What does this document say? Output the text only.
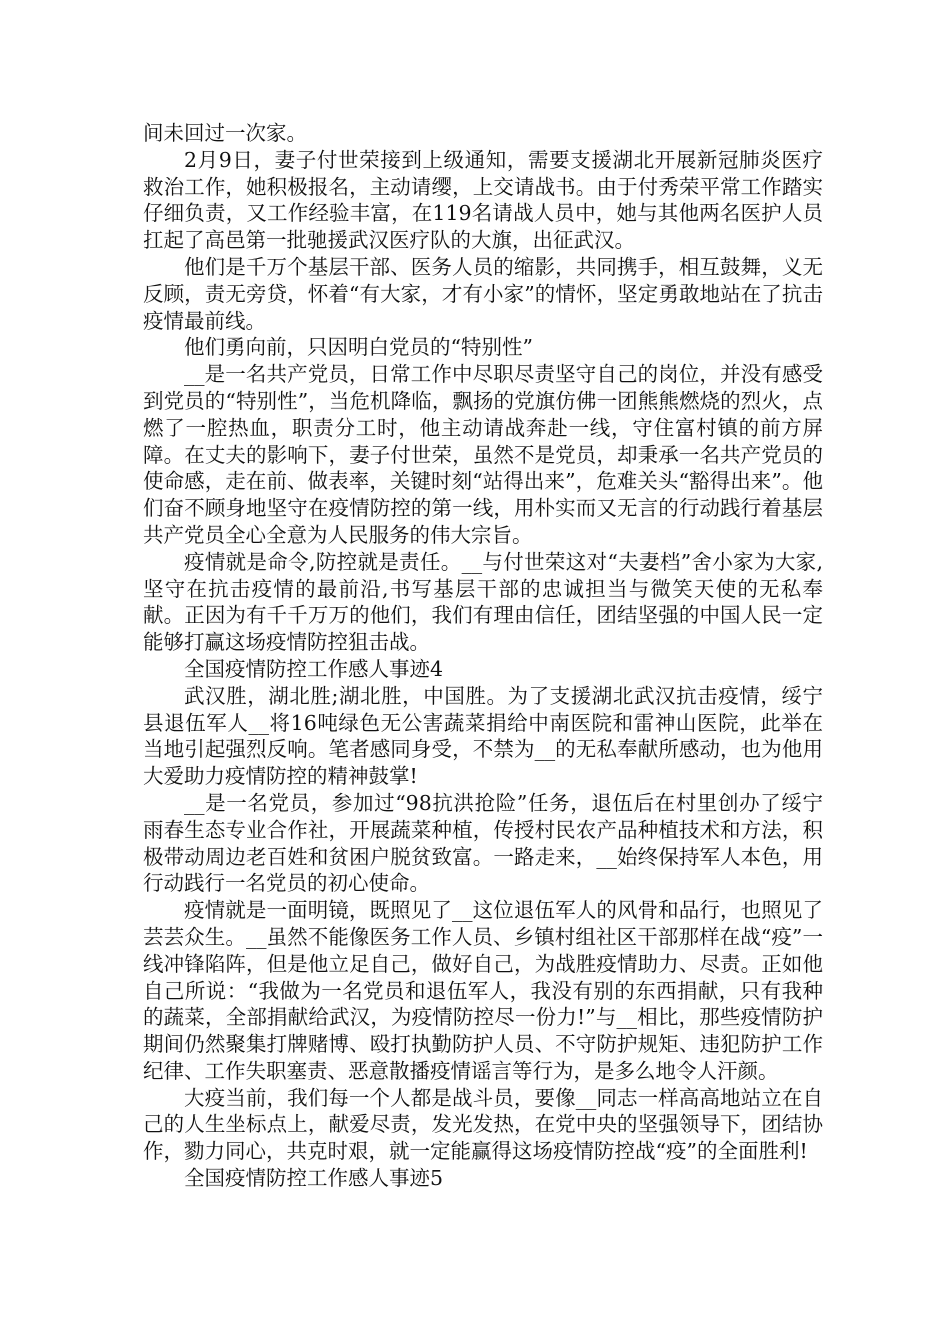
间未回过一次家。

2月9日，妻子付世荣接到上级通知，需要支援湖北开展新冠肺炎医疗救治工作，她积极报名，主动请缨，上交请战书。由于付秀荣平常工作踏实仔细负责，又工作经验丰富，在119名请战人员中，她与其他两名医护人员扛起了高邑第一批驰援武汉医疗队的大旗，出征武汉。

他们是千万个基层干部、医务人员的缩影，共同携手，相互鼓舞，义无反顾，责无旁贷，怀着“有大家，才有小家”的情怀，坚定勇敢地站在了抗击疫情最前线。

他们勇向前，只因明白党员的“特别性”

__是一名共产党员，日常工作中尽职尽责坚守自己的岗位，并没有感受到党员的“特别性”，当危机降临，飘扬的党旗仿佛一团熊熊燃烧的烈火，点燃了一腔热血，职责分工时，他主动请战奔赴一线，守住富村镇的前方屏障。在丈夫的影响下，妻子付世荣，虽然不是党员，却秉承一名共产党员的使命感，走在前、做表率，关键时刻“站得出来”，危难关头“豁得出来”。他们奋不顾身地坚守在疫情防控的第一线，用朴实而又无言的行动践行着基层共产党员全心全意为人民服务的伟大宗旨。

疫情就是命令,防控就是责任。__与付世荣这对“夫妻档”舍小家为大家,坚守在抗击疫情的最前沿,书写基层干部的忠诚担当与微笑天使的无私奉献。正因为有千千万万的他们，我们有理由信任，团结坚强的中国人民一定能够打赢这场疫情防控狙击战。

全国疫情防控工作感人事迹4

武汉胜，湖北胜;湖北胜，中国胜。为了支援湖北武汉抗击疫情，绥宁县退伍军人__将16吨绿色无公害蔬菜捐给中南医院和雷神山医院，此举在当地引起强烈反响。笔者感同身受，不禁为__的无私奉献所感动，也为他用大爱助力疫情防控的精神鼓掌!

__是一名党员，参加过“98抗洪抢险”任务，退伍后在村里创办了绥宁雨春生态专业合作社，开展蔬菜种植，传授村民农产品种植技术和方法，积极带动周边老百姓和贫困户脱贫致富。一路走来，__始终保持军人本色，用行动践行一名党员的初心使命。

疫情就是一面明镜，既照见了__这位退伍军人的风骨和品行，也照见了芸芸众生。__虽然不能像医务工作人员、乡镇村组社区干部那样在战“疫”一线冲锋陷阵，但是他立足自己，做好自己，为战胜疫情助力、尽责。正如他自己所说：“我做为一名党员和退伍军人，我没有别的东西捐献，只有我种的蔬菜，全部捐献给武汉，为疫情防控尽一份力!”与__相比，那些疫情防护期间仍然聚集打牌赌博、殴打执勤防护人员、不守防护规矩、违犯防护工作纪律、工作失职塞责、恶意散播疫情谣言等行为，是多么地令人汗颜。

大疫当前，我们每一个人都是战斗员，要像__同志一样高高地站立在自己的人生坐标点上，献爱尽责，发光发热，在党中央的坚强领导下，团结协作，勠力同心，共克时艰，就一定能赢得这场疫情防控战“疫”的全面胜利!

全国疫情防控工作感人事迹5
